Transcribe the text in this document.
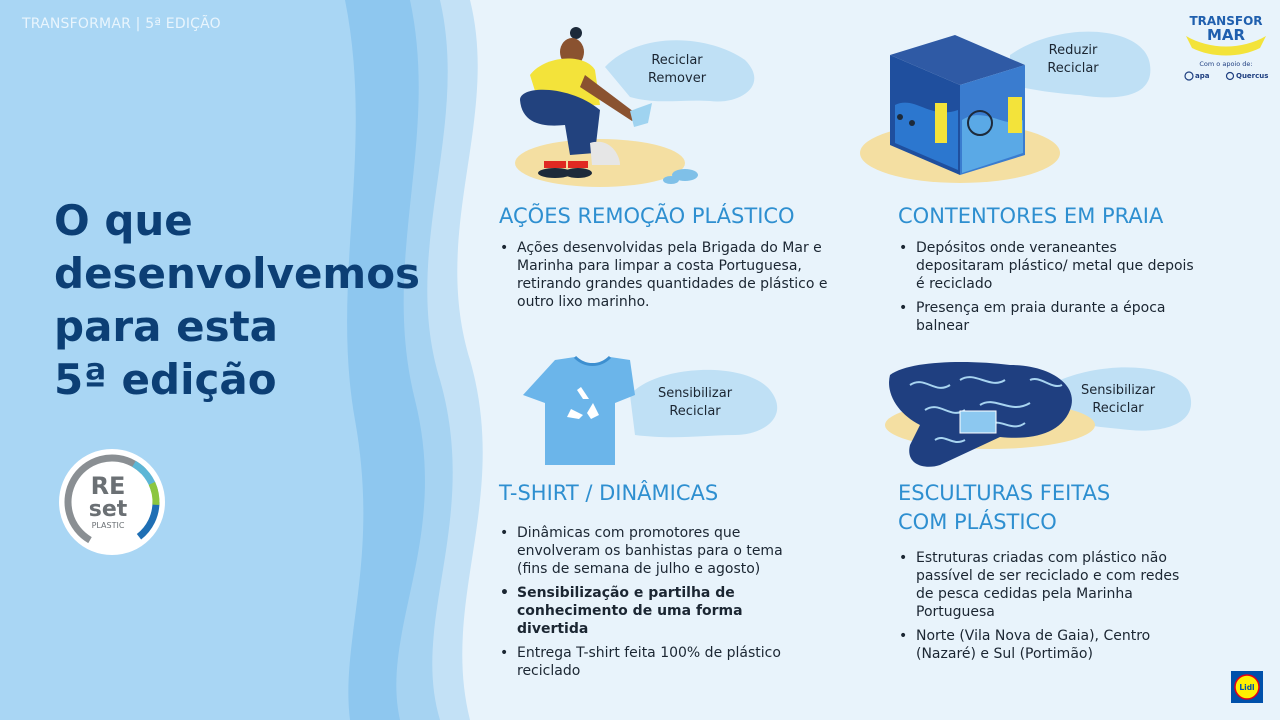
TRANSFORMAR | 5ª EDIÇÃO
O que
desenvolvemos
para esta
5ª edição
RE
set
PLASTIC
Reciclar
Remover
Reduzir
Reciclar
Sensibilizar
Reciclar
Sensibilizar
Reciclar
AÇÕES REMOÇÃO PLÁSTICO
• Ações desenvolvidas pela Brigada do Mar e Marinha para limpar a costa Portuguesa, retirando grandes quantidades de plástico e outro lixo marinho.
CONTENTORES EM PRAIA
• Depósitos onde veraneantes depositaram plástico/ metal que depois é reciclado
• Presença em praia durante a época balnear
T-SHIRT / DINÂMICAS
• Dinâmicas com promotores que envolveram os banhistas para o tema (fins de semana de julho e agosto)
• Sensibilização e partilha de conhecimento de uma forma divertida
• Entrega T-shirt feita 100% de plástico reciclado
ESCULTURAS FEITAS
COM PLÁSTICO
• Estruturas criadas com plástico não passível de ser reciclado e com redes de pesca cedidas pela Marinha Portuguesa
• Norte (Vila Nova de Gaia), Centro (Nazaré) e Sul (Portimão)
TRANSFOR
MAR
Com o apoio de:
apa	Quercus
Lidl
